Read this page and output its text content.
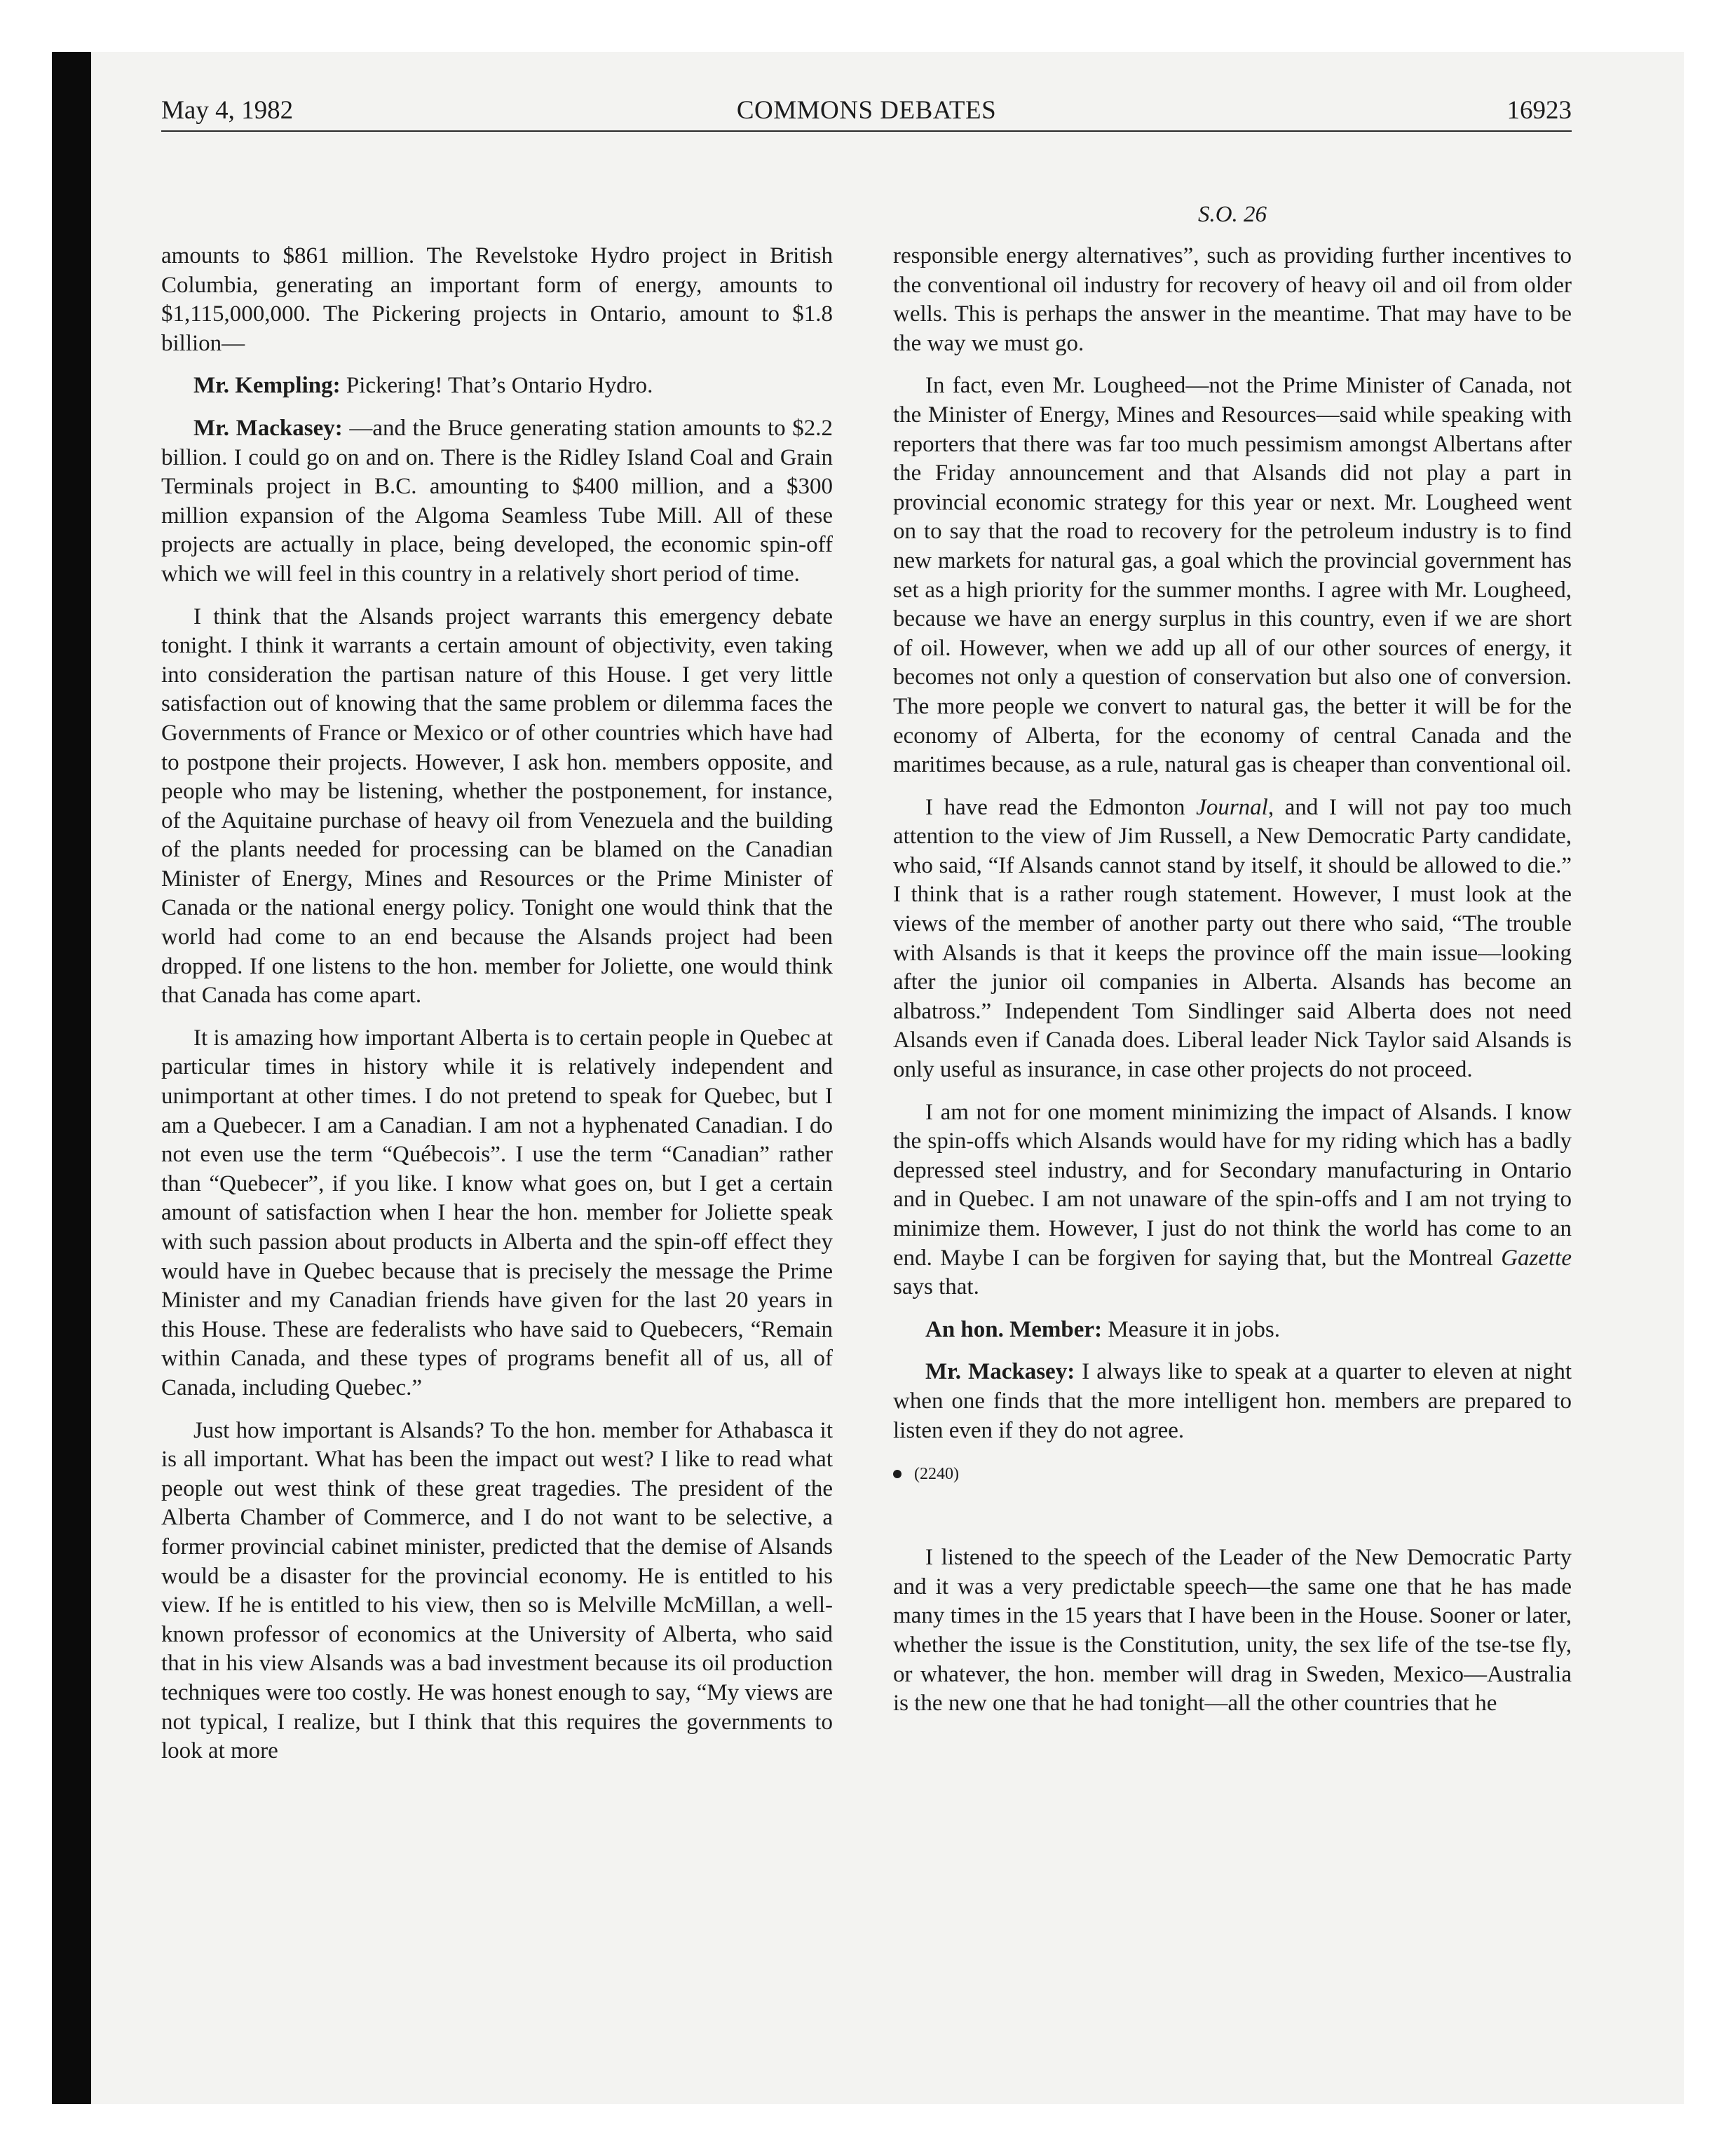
COMMONS DEBATES
May 4, 1982	16923
S.O. 26

amounts to $861 million. The Revelstoke Hydro project in British Columbia, generating an important form of energy, amounts to $1,115,000,000. The Pickering projects in Ontario, amount to $1.8 billion—

Mr. Kempling: Pickering! That’s Ontario Hydro.

Mr. Mackasey: —and the Bruce generating station amounts to $2.2 billion. I could go on and on. There is the Ridley Island Coal and Grain Terminals project in B.C. amounting to $400 million, and a $300 million expansion of the Algoma Seamless Tube Mill. All of these projects are actually in place, being developed, the economic spin-off which we will feel in this country in a relatively short period of time.

I think that the Alsands project warrants this emergency debate tonight. I think it warrants a certain amount of objectivity, even taking into consideration the partisan nature of this House. I get very little satisfaction out of knowing that the same problem or dilemma faces the Governments of France or Mexico or of other countries which have had to postpone their projects. However, I ask hon. members opposite, and people who may be listening, whether the postponement, for instance, of the Aquitaine purchase of heavy oil from Venezuela and the building of the plants needed for processing can be blamed on the Canadian Minister of Energy, Mines and Resources or the Prime Minister of Canada or the national energy policy. Tonight one would think that the world had come to an end because the Alsands project had been dropped. If one listens to the hon. member for Joliette, one would think that Canada has come apart.

It is amazing how important Alberta is to certain people in Quebec at particular times in history while it is relatively independent and unimportant at other times. I do not pretend to speak for Quebec, but I am a Quebecer. I am a Canadian. I am not a hyphenated Canadian. I do not even use the term “Québecois”. I use the term “Canadian” rather than “Quebecer”, if you like. I know what goes on, but I get a certain amount of satisfaction when I hear the hon. member for Joliette speak with such passion about products in Alberta and the spin-off effect they would have in Quebec because that is precisely the message the Prime Minister and my Canadian friends have given for the last 20 years in this House. These are federalists who have said to Quebecers, “Remain within Canada, and these types of programs benefit all of us, all of Canada, including Quebec.”

Just how important is Alsands? To the hon. member for Athabasca it is all important. What has been the impact out west? I like to read what people out west think of these great tragedies. The president of the Alberta Chamber of Commerce, and I do not want to be selective, a former provincial cabinet minister, predicted that the demise of Alsands would be a disaster for the provincial economy. He is entitled to his view. If he is entitled to his view, then so is Melville McMillan, a well-known professor of economics at the University of Alberta, who said that in his view Alsands was a bad investment because its oil production techniques were too costly. He was honest enough to say, “My views are not typical, I realize, but I think that this requires the governments to look at more

responsible energy alternatives”, such as providing further incentives to the conventional oil industry for recovery of heavy oil and oil from older wells. This is perhaps the answer in the meantime. That may have to be the way we must go.

In fact, even Mr. Lougheed—not the Prime Minister of Canada, not the Minister of Energy, Mines and Resources—said while speaking with reporters that there was far too much pessimism amongst Albertans after the Friday announcement and that Alsands did not play a part in provincial economic strategy for this year or next. Mr. Lougheed went on to say that the road to recovery for the petroleum industry is to find new markets for natural gas, a goal which the provincial government has set as a high priority for the summer months. I agree with Mr. Lougheed, because we have an energy surplus in this country, even if we are short of oil. However, when we add up all of our other sources of energy, it becomes not only a question of conservation but also one of conversion. The more people we convert to natural gas, the better it will be for the economy of Alberta, for the economy of central Canada and the maritimes because, as a rule, natural gas is cheaper than conventional oil.

I have read the Edmonton Journal, and I will not pay too much attention to the view of Jim Russell, a New Democratic Party candidate, who said, “If Alsands cannot stand by itself, it should be allowed to die.” I think that is a rather rough statement. However, I must look at the views of the member of another party out there who said, “The trouble with Alsands is that it keeps the province off the main issue—looking after the junior oil companies in Alberta. Alsands has become an albatross.” Independent Tom Sindlinger said Alberta does not need Alsands even if Canada does. Liberal leader Nick Taylor said Alsands is only useful as insurance, in case other projects do not proceed.

I am not for one moment minimizing the impact of Alsands. I know the spin-offs which Alsands would have for my riding which has a badly depressed steel industry, and for Secondary manufacturing in Ontario and in Quebec. I am not unaware of the spin-offs and I am not trying to minimize them. However, I just do not think the world has come to an end. Maybe I can be forgiven for saying that, but the Montreal Gazette says that.

An hon. Member: Measure it in jobs.

Mr. Mackasey: I always like to speak at a quarter to eleven at night when one finds that the more intelligent hon. members are prepared to listen even if they do not agree.

(2240)

I listened to the speech of the Leader of the New Democratic Party and it was a very predictable speech—the same one that he has made many times in the 15 years that I have been in the House. Sooner or later, whether the issue is the Constitution, unity, the sex life of the tse-tse fly, or whatever, the hon. member will drag in Sweden, Mexico—Australia is the new one that he had tonight—all the other countries that he
